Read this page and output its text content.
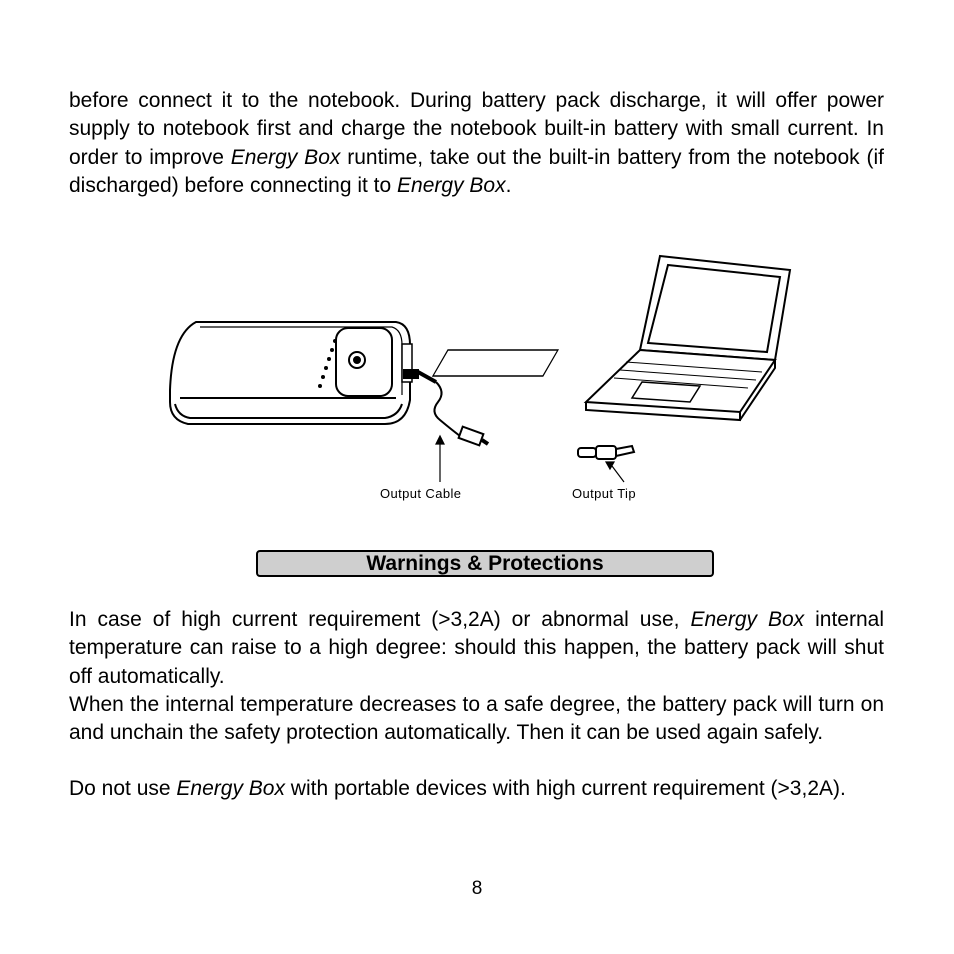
before connect it to the notebook. During battery pack discharge, it will offer power supply to notebook first and charge the notebook built-in battery with small current. In order to improve Energy Box runtime, take out the built-in battery from the notebook (if discharged) before connecting it to Energy Box.

Output Cable	Output Tip
Warnings & Protections

In case of high current requirement (>3,2A) or abnormal use, Energy Box internal temperature can raise to a high degree: should this happen, the battery pack will shut off automatically.

When the internal temperature decreases to a safe degree, the battery pack will turn on and unchain the safety protection automatically. Then it can be used again safely.

Do not use Energy Box with portable devices with high current requirement (>3,2A).

8
